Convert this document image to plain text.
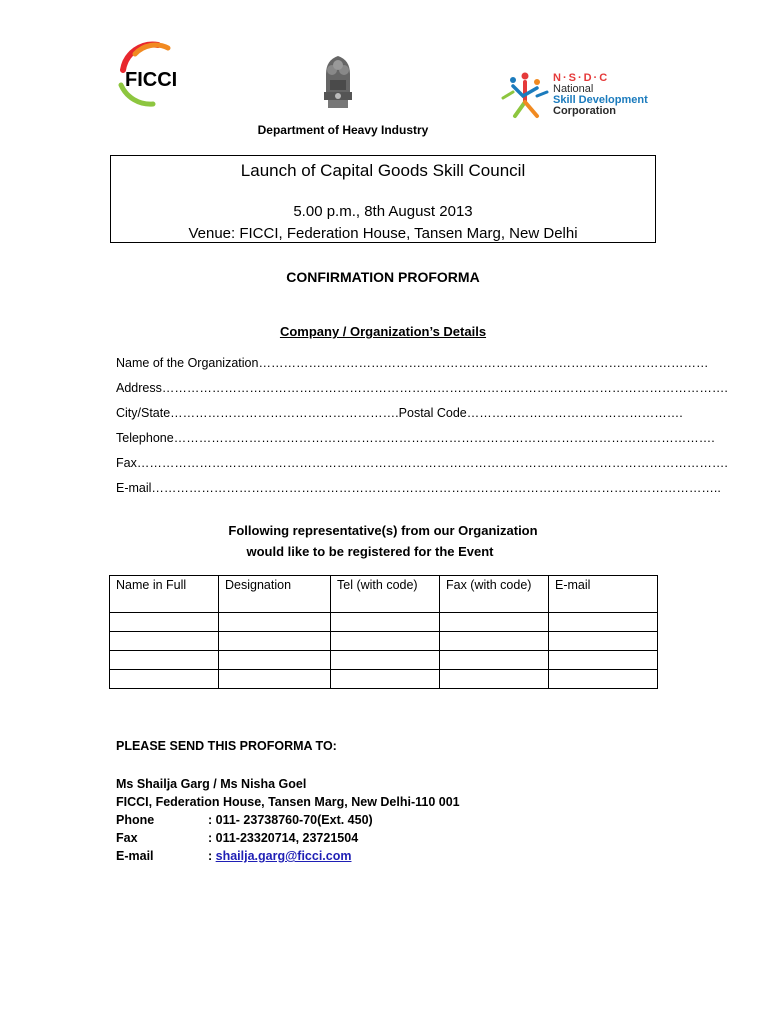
FICCI	N·S·D·C
National
Skill Development
Corporation
Department of Heavy Industry
Launch of Capital Goods Skill Council
5.00 p.m., 8th August 2013
Venue: FICCI, Federation House, Tansen Marg, New Delhi
CONFIRMATION PROFORMA
Company / Organization’s Details
Name of the Organization………………………………………………………………………………………………
Address……………………………………………………………………………………………………………………….
City/State……………………………………………….Postal Code…………………………………………….
Telephone………………………………………………………………………………………………………………….
Fax…………………………………………………………………………………………………………………………….
E-mail………………………………………………………………………………………………………………………..
Following representative(s) from our Organization
would like to be registered for the Event
Name in Full	Designation	Tel (with code)	Fax (with code)	E-mail

PLEASE SEND THIS PROFORMA TO:
Ms Shailja Garg / Ms Nisha Goel
FICCI, Federation House, Tansen Marg, New Delhi-110 001
Phone	: 011- 23738760-70(Ext. 450)
Fax	: 011-23320714, 23721504
E-mail	: shailja.garg@ficci.com
